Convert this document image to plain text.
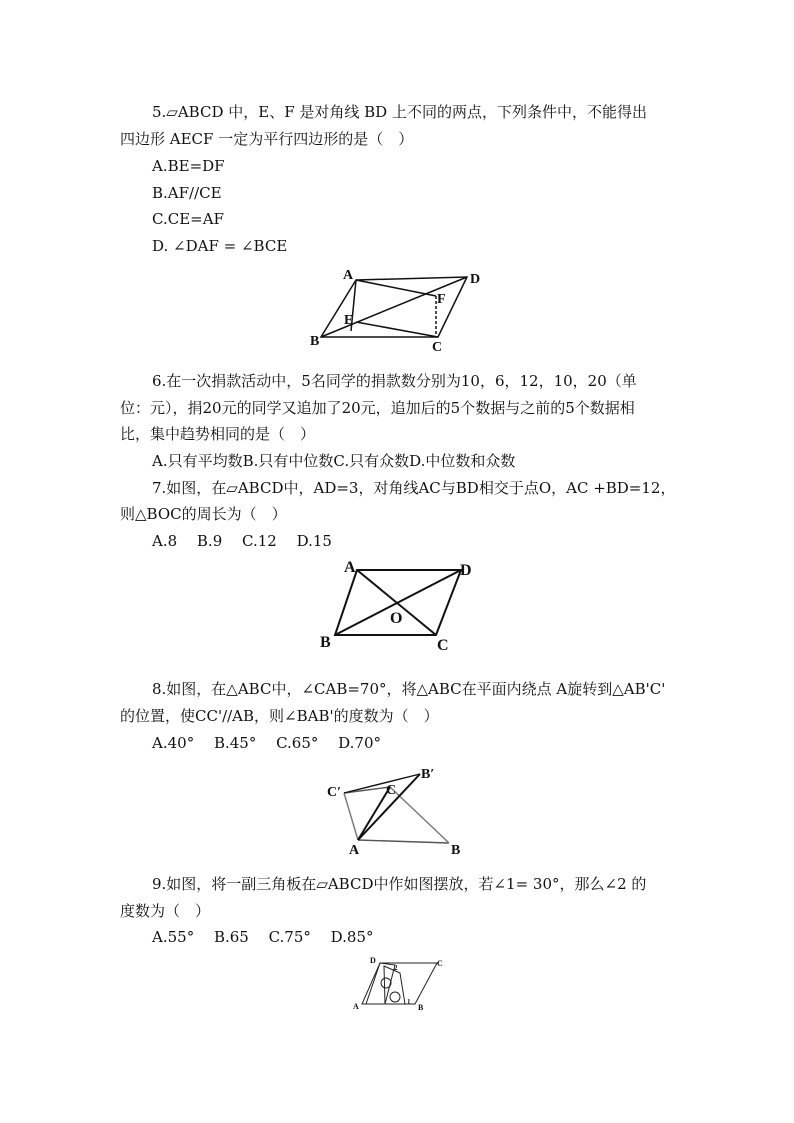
5.▱ABCD 中，E、F 是对角线 BD 上不同的两点，下列条件中，不能得出
四边形 AECF 一定为平行四边形的是（　）
A.BE=DF
B.AF//CE
C.CE=AF
D. ∠DAF = ∠BCE
A	D
F
E
B	C
6.在一次捐款活动中，5名同学的捐款数分别为10，6，12，10，20（单
位：元），捐20元的同学又追加了20元，追加后的5个数据与之前的5个数据相
比，集中趋势相同的是（　）
A.只有平均数B.只有中位数C.只有众数D.中位数和众数
7.如图，在▱ABCD中，AD=3，对角线AC与BD相交于点O，AC +BD=12，
则△BOC的周长为（　）
A.8　 B.9　 C.12　 D.15
A	D
O
B	C
8.如图，在△ABC中，∠CAB=70°，将△ABC在平面内绕点 A旋转到△AB'C'
的位置，使CC'//AB，则∠BAB'的度数为（　）
A.40°　 B.45°　 C.65°　 D.70°
C′	C
B′
A	B
9.如图，将一副三角板在▱ABCD中作如图摆放，若∠1= 30°，那么∠2 的
度数为（　）
A.55°　 B.65　 C.75°　 D.85°
D	C
A	B
2
1
